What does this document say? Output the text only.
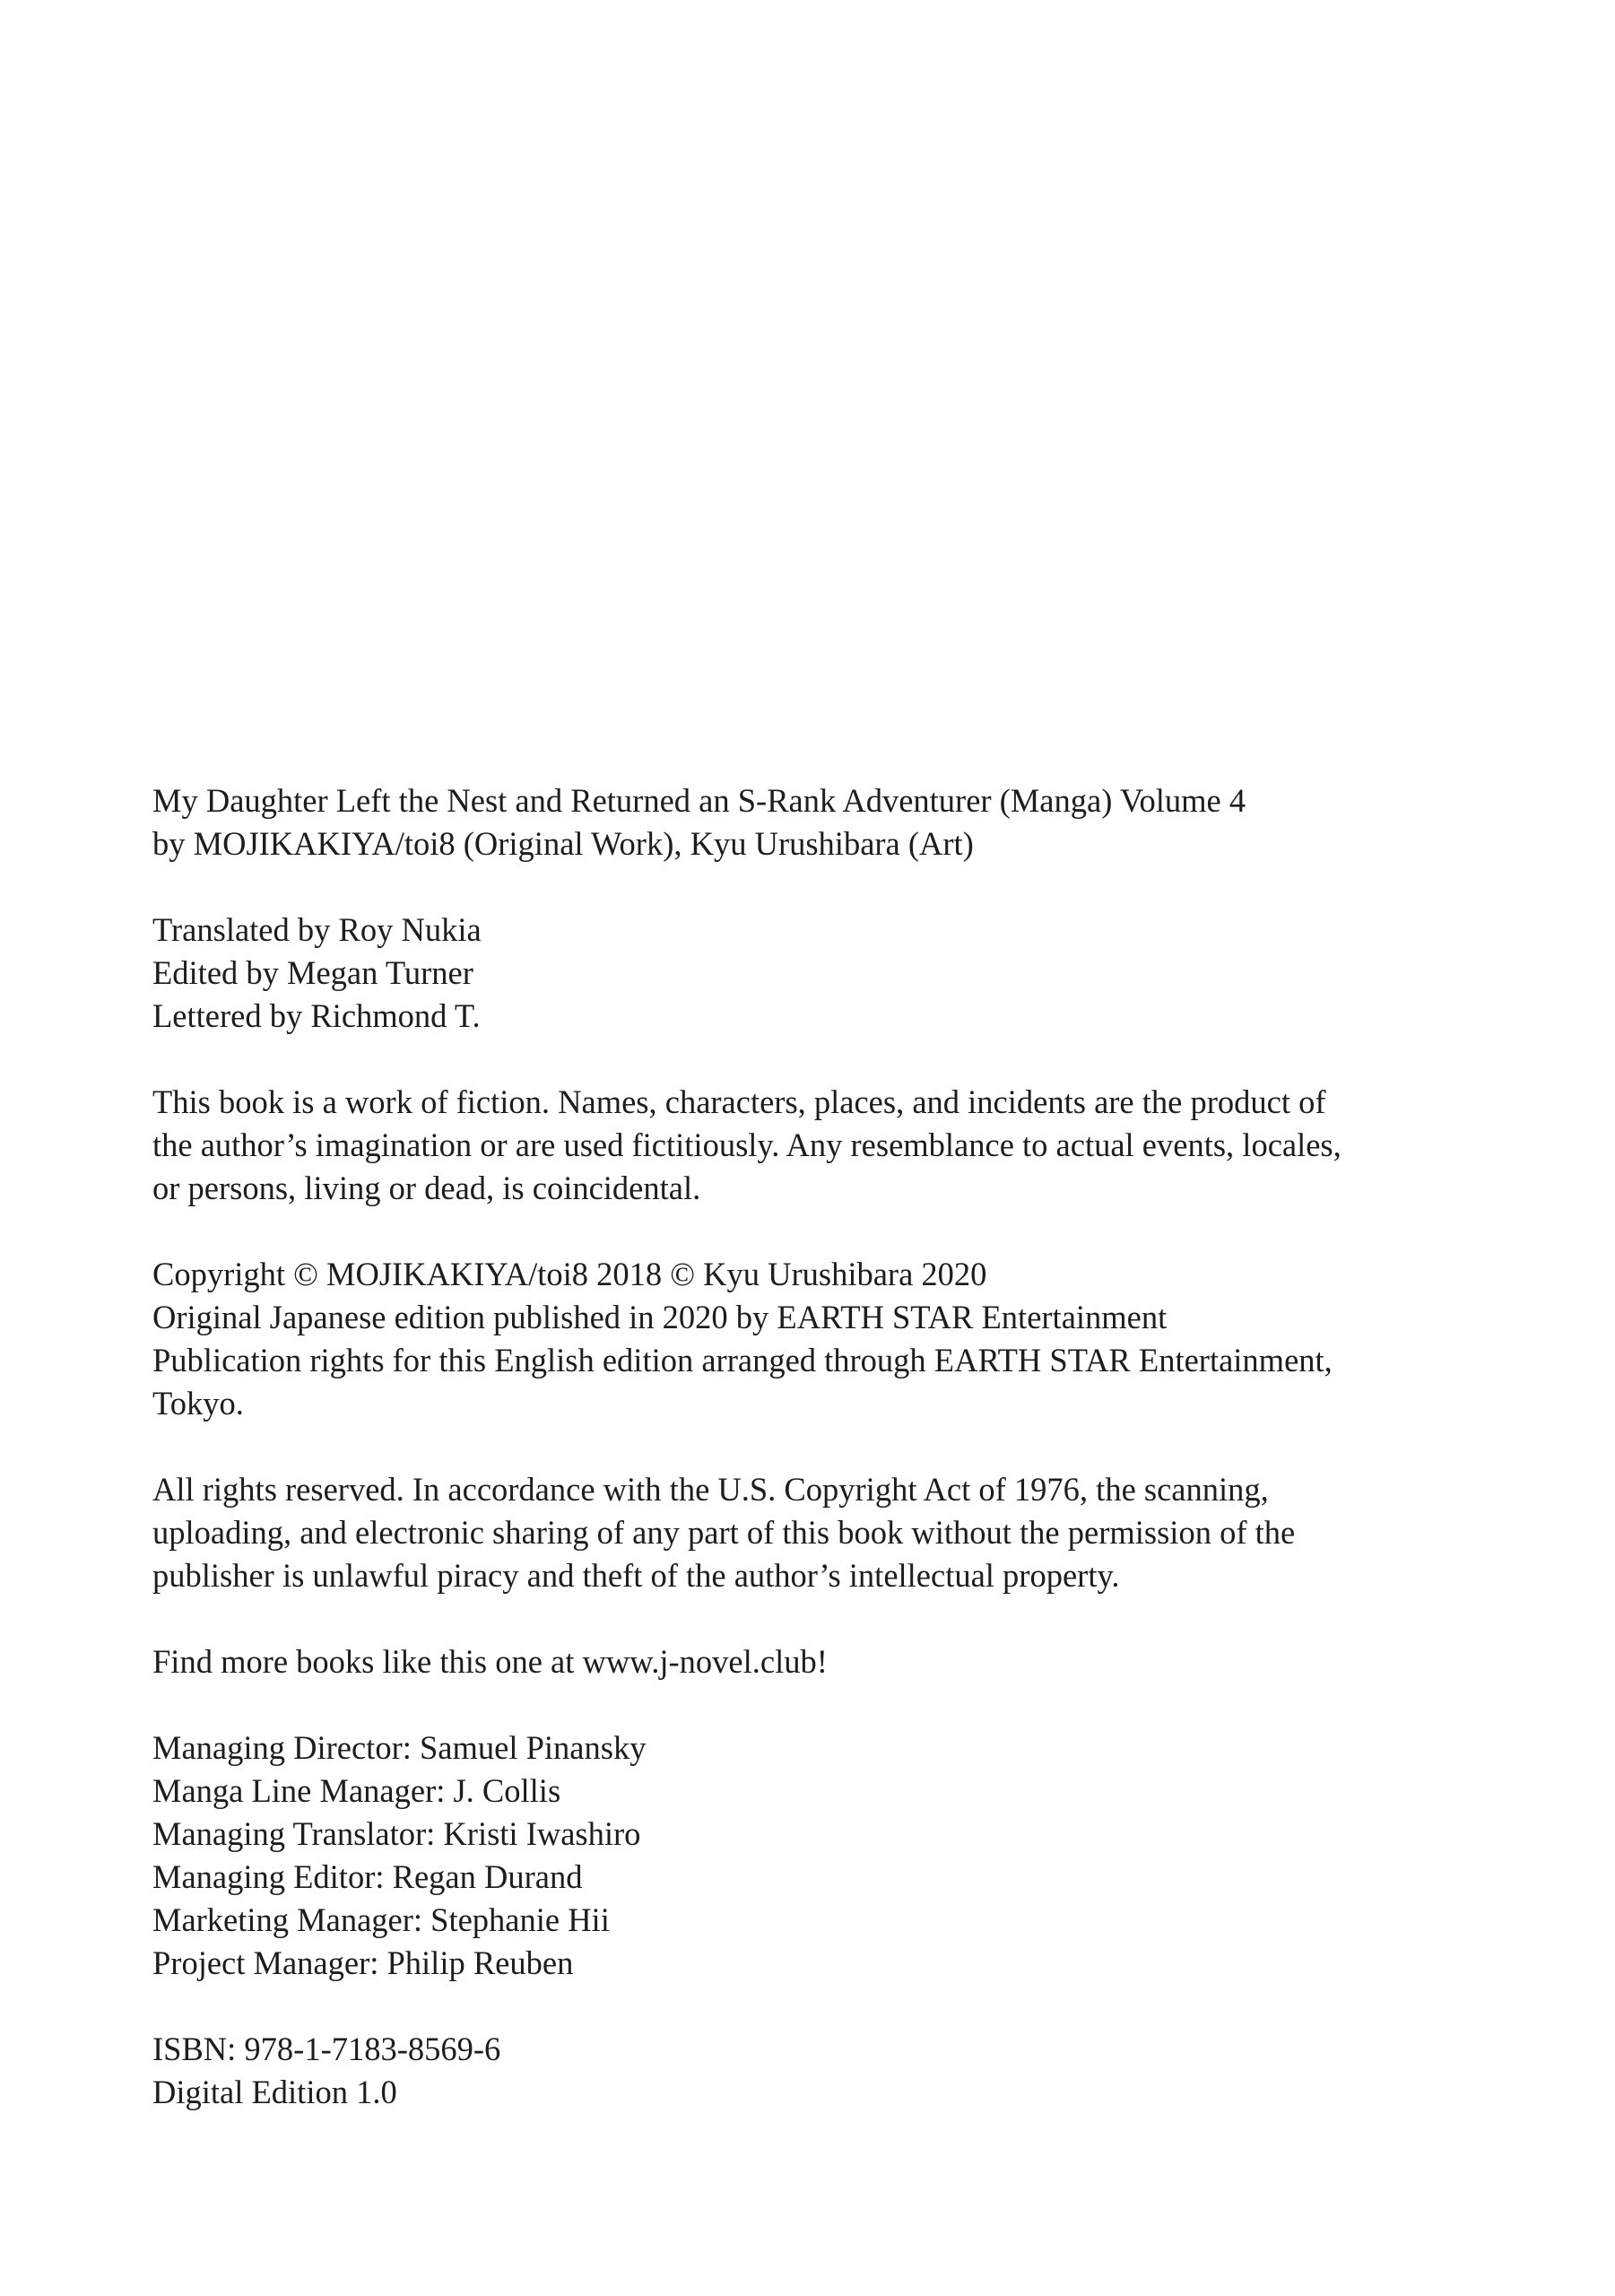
My Daughter Left the Nest and Returned an S-Rank Adventurer (Manga) Volume 4
by MOJIKAKIYA/toi8 (Original Work), Kyu Urushibara (Art)
Translated by Roy Nukia
Edited by Megan Turner
Lettered by Richmond T.
This book is a work of fiction. Names, characters, places, and incidents are the product of
the author’s imagination or are used fictitiously. Any resemblance to actual events, locales,
or persons, living or dead, is coincidental.
Copyright © MOJIKAKIYA/toi8 2018 © Kyu Urushibara 2020
Original Japanese edition published in 2020 by EARTH STAR Entertainment
Publication rights for this English edition arranged through EARTH STAR Entertainment,
Tokyo.
All rights reserved. In accordance with the U.S. Copyright Act of 1976, the scanning,
uploading, and electronic sharing of any part of this book without the permission of the
publisher is unlawful piracy and theft of the author’s intellectual property.
Find more books like this one at www.j-novel.club!
Managing Director: Samuel Pinansky
Manga Line Manager: J. Collis
Managing Translator: Kristi Iwashiro
Managing Editor: Regan Durand
Marketing Manager: Stephanie Hii
Project Manager: Philip Reuben
ISBN: 978-1-7183-8569-6
Digital Edition 1.0
